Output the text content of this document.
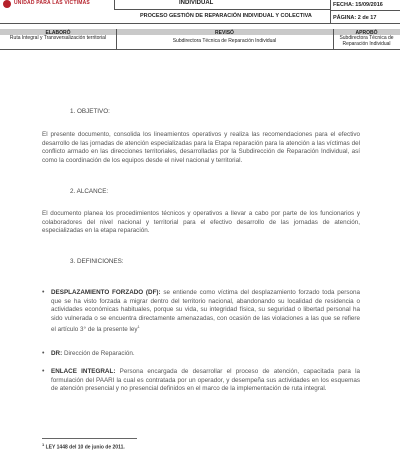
UNIDAD PARA LAS VÍCTIMAS	INDIVIDUAL
PROCESO GESTIÓN DE REPARACIÓN INDIVIDUAL Y COLECTIVA
FECHA: 15/09/2016
PÁGINA: 2 de 17
ELABORÓ	REVISÓ	APROBÓ
Ruta Integral y Transversalización territorial	Subdirectora Técnica de Reparación Individual	Subdirectora Técnica de Reparación Individual
1. OBJETIVO:
El presente documento, consolida los lineamientos operativos y realiza las recomendaciones para el efectivo desarrollo de las jornadas de atención especializadas para la Etapa reparación para la atención a las víctimas del conflicto armado en las direcciones territoriales, desarrolladas por la Subdirección de Reparación Individual, así como la coordinación de los equipos desde el nivel nacional y territorial.
2. ALCANCE:
El documento planea los procedimientos técnicos y operativos a llevar a cabo por parte de los funcionarios y colaboradores del nivel nacional y territorial para el efectivo desarrollo de las jornadas de atención, especializadas en la etapa reparación.
3. DEFINICIONES:
• DESPLAZAMIENTO FORZADO (DF): se entiende como víctima del desplazamiento forzado toda persona que se ha visto forzada a migrar dentro del territorio nacional, abandonando su localidad de residencia o actividades económicas habituales, porque su vida, su integridad física, su seguridad o libertad personal ha sido vulnerada o se encuentra directamente amenazadas, con ocasión de las violaciones a las que se refiere el artículo 3° de la presente ley$^1$
• DR: Dirección de Reparación.
• ENLACE INTEGRAL: Persona encargada de desarrollar el proceso de atención, capacitada para la formulación del PAARI la cual es contratada por un operador, y desempeña sus actividades en los esquemas de atención presencial y no presencial definidos en el marco de la implementación de ruta integral.
$^1$ LEY 1448 del 10 de junio de 2011.
